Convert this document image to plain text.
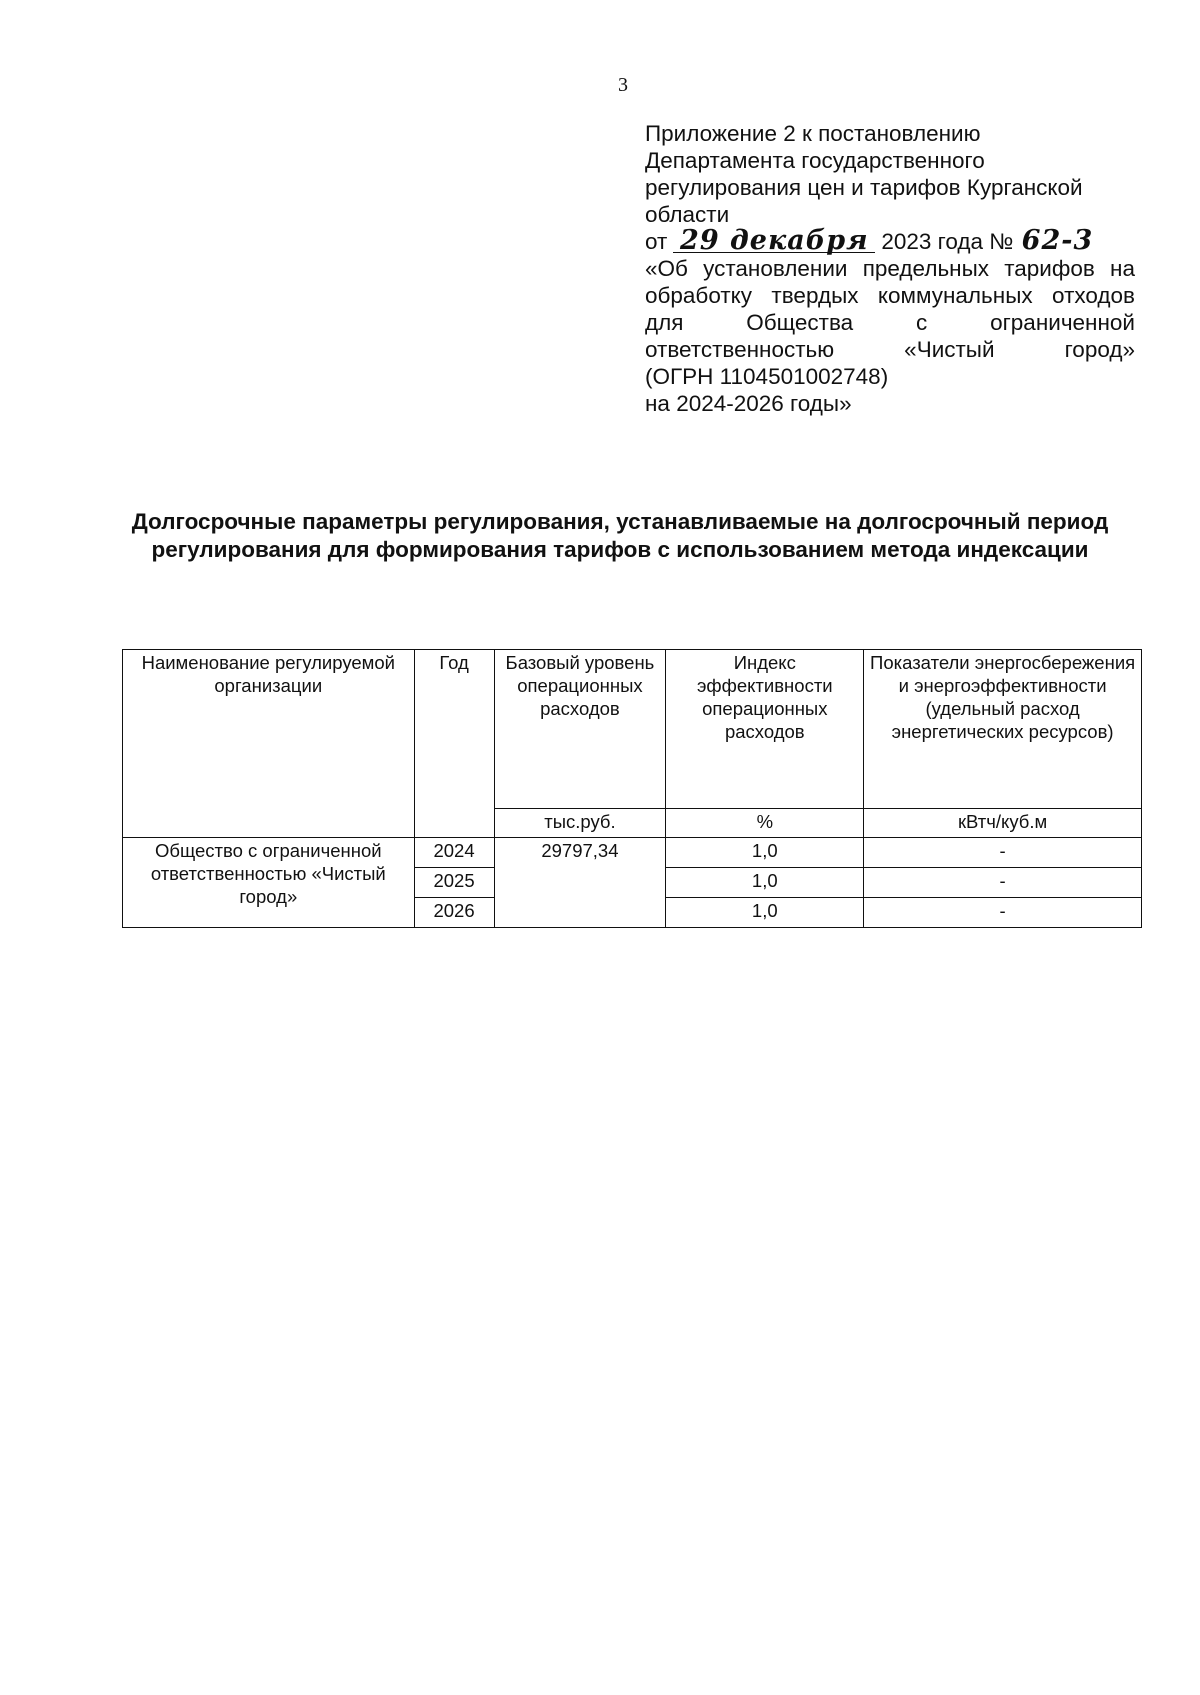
3
Приложение 2 к постановлению
Департамента государственного
регулирования цен и тарифов Курганской
области
от 29 декабря 2023 года № 62-3
«Об установлении предельных тарифов на обработку твердых коммунальных отходов для Общества с ограниченной ответственностью «Чистый город»
(ОГРН 1104501002748)
на 2024-2026 годы»
Долгосрочные параметры регулирования, устанавливаемые на долгосрочный период регулирования для формирования тарифов с использованием метода индексации
Наименование регулируемой организации	Год	Базовый уровень операционных расходов	Индекс эффективности операционных расходов	Показатели энергосбережения и энергоэффективности (удельный расход энергетических ресурсов)
		тыс.руб.	%	кВтч/куб.м
Общество с ограниченной ответственностью «Чистый город»	2024	29797,34	1,0	-
	2025		1,0	-
	2026		1,0	-
